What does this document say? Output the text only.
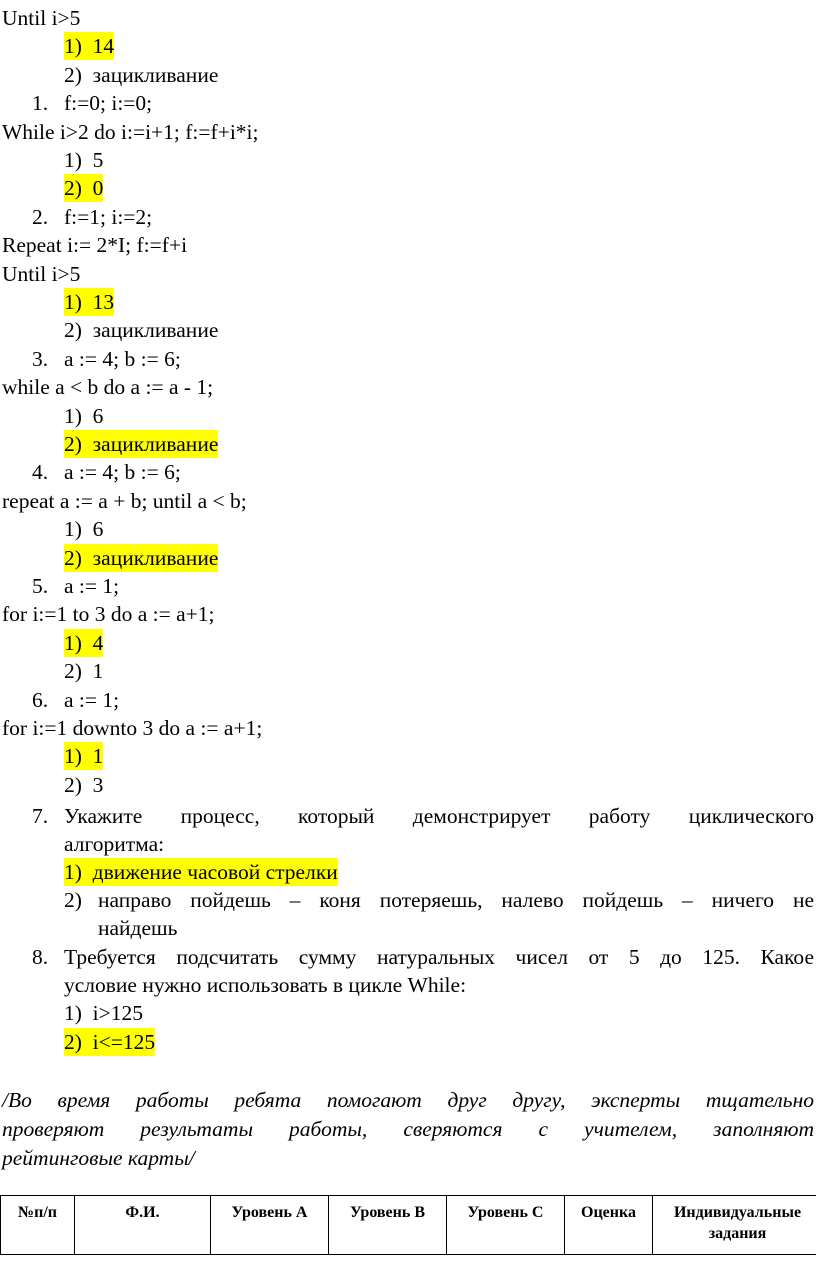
Until i>5
1) 14
2) зацикливание
1. f:=0; i:=0;
While i>2 do i:=i+1; f:=f+i*i;
1) 5
2) 0
2. f:=1; i:=2;
Repeat i:= 2*I; f:=f+i
Until i>5
1) 13
2) зацикливание
3. a := 4; b := 6;
while a < b do a := a - 1;
1) 6
2) зацикливание
4. a := 4; b := 6;
repeat a := a + b; until a < b;
1) 6
2) зацикливание
5. a := 1;
for i:=1 to 3 do a := a+1;
1) 4
2) 1
6. a := 1;
for i:=1 downto 3 do a := a+1;
1) 1
2) 3
7. Укажите процесс, который демонстрирует работу циклического
алгоритма:
1) движение часовой стрелки
2) направо пойдешь – коня потеряешь, налево пойдешь – ничего не
найдешь
8. Требуется подсчитать сумму натуральных чисел от 5 до 125. Какое
условие нужно использовать в цикле While:
1) i>125
2) i<=125
/Во время работы ребята помогают друг другу, эксперты тщательно
проверяют результаты работы, сверяются с учителем, заполняют
рейтинговые карты/
№п/п	Ф.И.	Уровень А	Уровень В	Уровень С	Оценка	Индивидуальные задания
